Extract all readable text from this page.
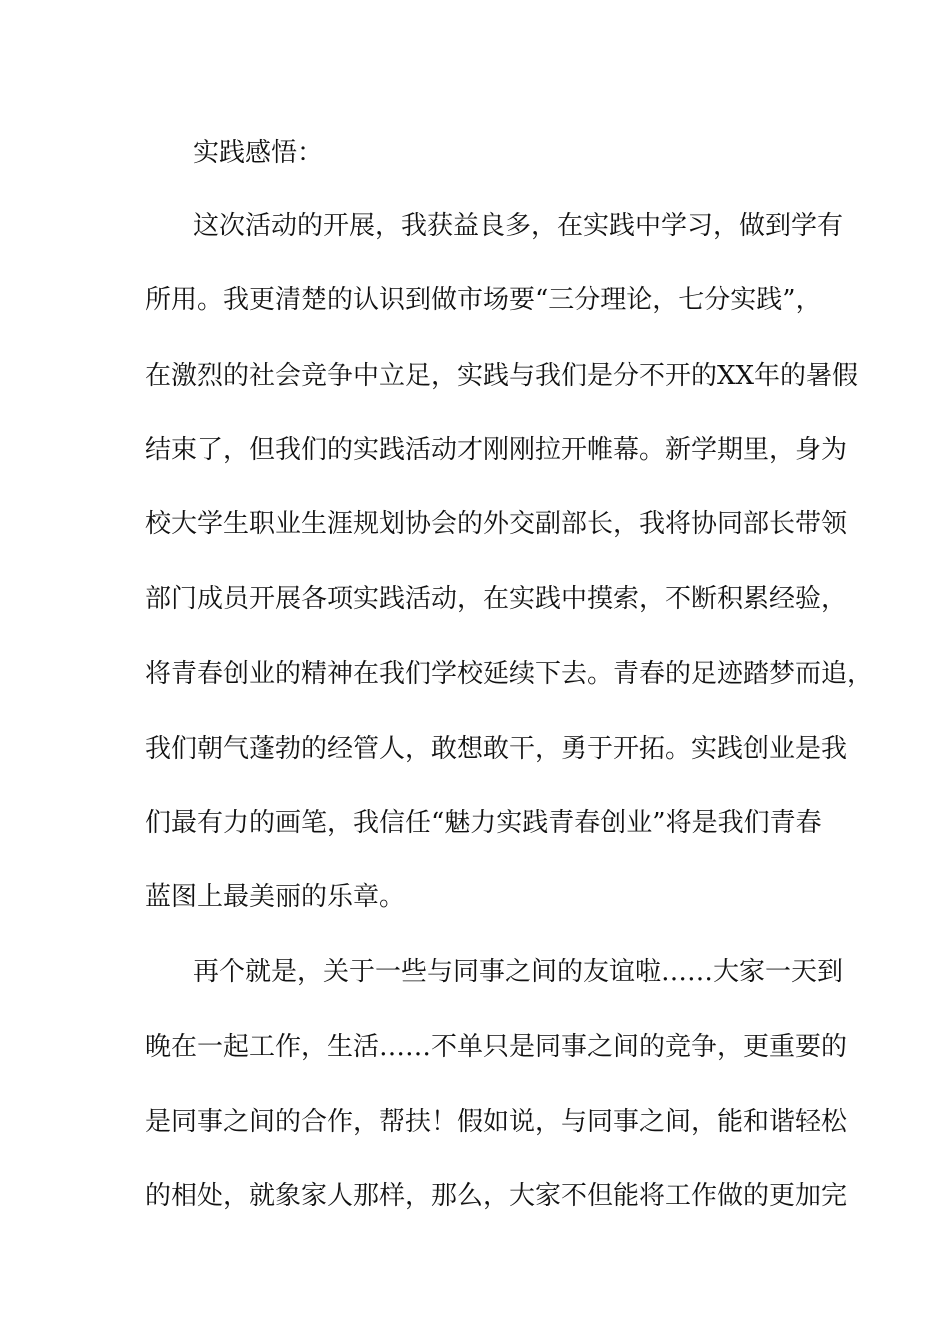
实践感悟：
这次活动的开展，我获益良多，在实践中学习，做到学有
所用。我更清楚的认识到做市场要“三分理论，七分实践”，
在激烈的社会竞争中立足，实践与我们是分不开的XX年的暑假
结束了，但我们的实践活动才刚刚拉开帷幕。新学期里，身为
校大学生职业生涯规划协会的外交副部长，我将协同部长带领
部门成员开展各项实践活动，在实践中摸索，不断积累经验，
将青春创业的精神在我们学校延续下去。青春的足迹踏梦而追，
我们朝气蓬勃的经管人，敢想敢干，勇于开拓。实践创业是我
们最有力的画笔，我信任“魅力实践青春创业”将是我们青春
蓝图上最美丽的乐章。
再个就是，关于一些与同事之间的友谊啦……大家一天到
晚在一起工作，生活……不单只是同事之间的竞争，更重要的
是同事之间的合作，帮扶！假如说，与同事之间，能和谐轻松
的相处，就象家人那样，那么，大家不但能将工作做的更加完
